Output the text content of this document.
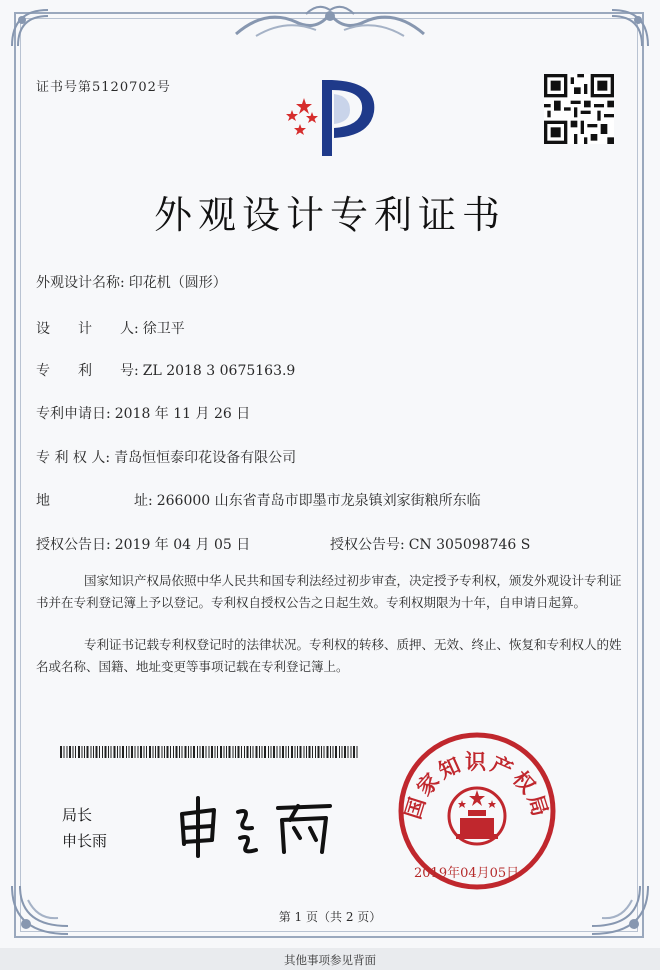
证书号第5120702号
外观设计专利证书
外观设计名称: 印花机（圆形）
设　　计　　人: 徐卫平
专　　利　　号: ZL 2018 3 0675163.9
专利申请日: 2018 年 11 月 26 日
专 利 权 人: 青岛恒恒泰印花设备有限公司
地　　　　　　址: 266000 山东省青岛市即墨市龙泉镇刘家街粮所东临
授权公告日: 2019 年 04 月 05 日	授权公告号: CN 305098746 S
国家知识产权局依照中华人民共和国专利法经过初步审查，决定授予专利权，颁发外观设计专利证书并在专利登记簿上予以登记。专利权自授权公告之日起生效。专利权期限为十年，自申请日起算。
专利证书记载专利权登记时的法律状况。专利权的转移、质押、无效、终止、恢复和专利权人的姓名或名称、国籍、地址变更等事项记载在专利登记簿上。
局长
申长雨
国家知识产权局
2019年04月05日
第 1 页（共 2 页）
其他事项参见背面
